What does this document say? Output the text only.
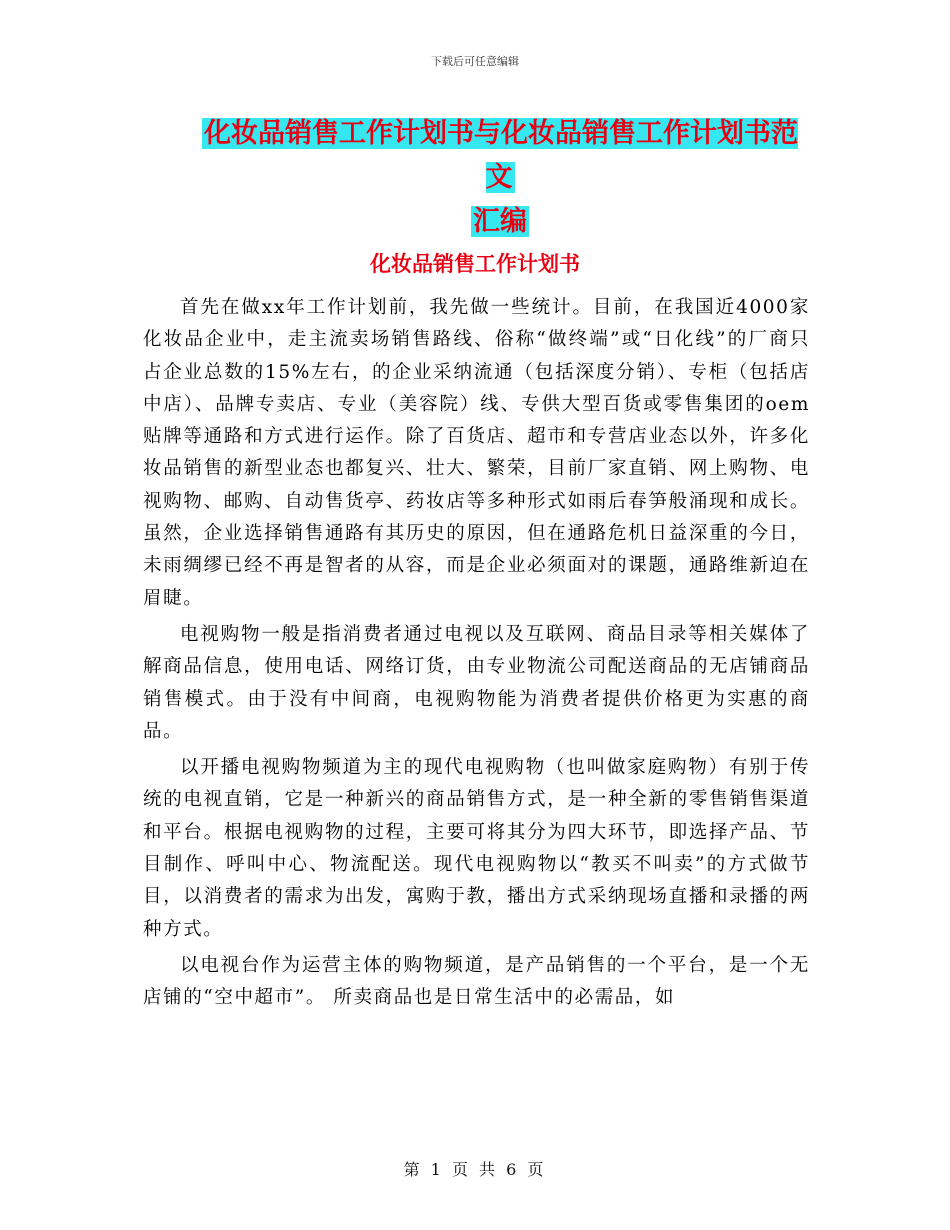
下载后可任意编辑
化妆品销售工作计划书与化妆品销售工作计划书范文
汇编
化妆品销售工作计划书

首先在做xx年工作计划前，我先做一些统计。目前，在我国近4000家化妆品企业中，走主流卖场销售路线、俗称“做终端”或“日化线”的厂商只占企业总数的15%左右，的企业采纳流通（包括深度分销）、专柜（包括店中店）、品牌专卖店、专业（美容院）线、专供大型百货或零售集团的oem贴牌等通路和方式进行运作。除了百货店、超市和专营店业态以外，许多化妆品销售的新型业态也都复兴、壮大、繁荣，目前厂家直销、网上购物、电视购物、邮购、自动售货亭、药妆店等多种形式如雨后春笋般涌现和成长。虽然，企业选择销售通路有其历史的原因，但在通路危机日益深重的今日，未雨绸缪已经不再是智者的从容，而是企业必须面对的课题，通路维新迫在眉睫。

电视购物一般是指消费者通过电视以及互联网、商品目录等相关媒体了解商品信息，使用电话、网络订货，由专业物流公司配送商品的无店铺商品销售模式。由于没有中间商，电视购物能为消费者提供价格更为实惠的商品。

以开播电视购物频道为主的现代电视购物（也叫做家庭购物）有别于传统的电视直销，它是一种新兴的商品销售方式，是一种全新的零售销售渠道和平台。根据电视购物的过程，主要可将其分为四大环节，即选择产品、节目制作、呼叫中心、物流配送。现代电视购物以“教买不叫卖”的方式做节目，以消费者的需求为出发，寓购于教，播出方式采纳现场直播和录播的两种方式。

以电视台作为运营主体的购物频道，是产品销售的一个平台，是一个无店铺的“空中超市”。 所卖商品也是日常生活中的必需品，如

第 1 页 共 6 页
